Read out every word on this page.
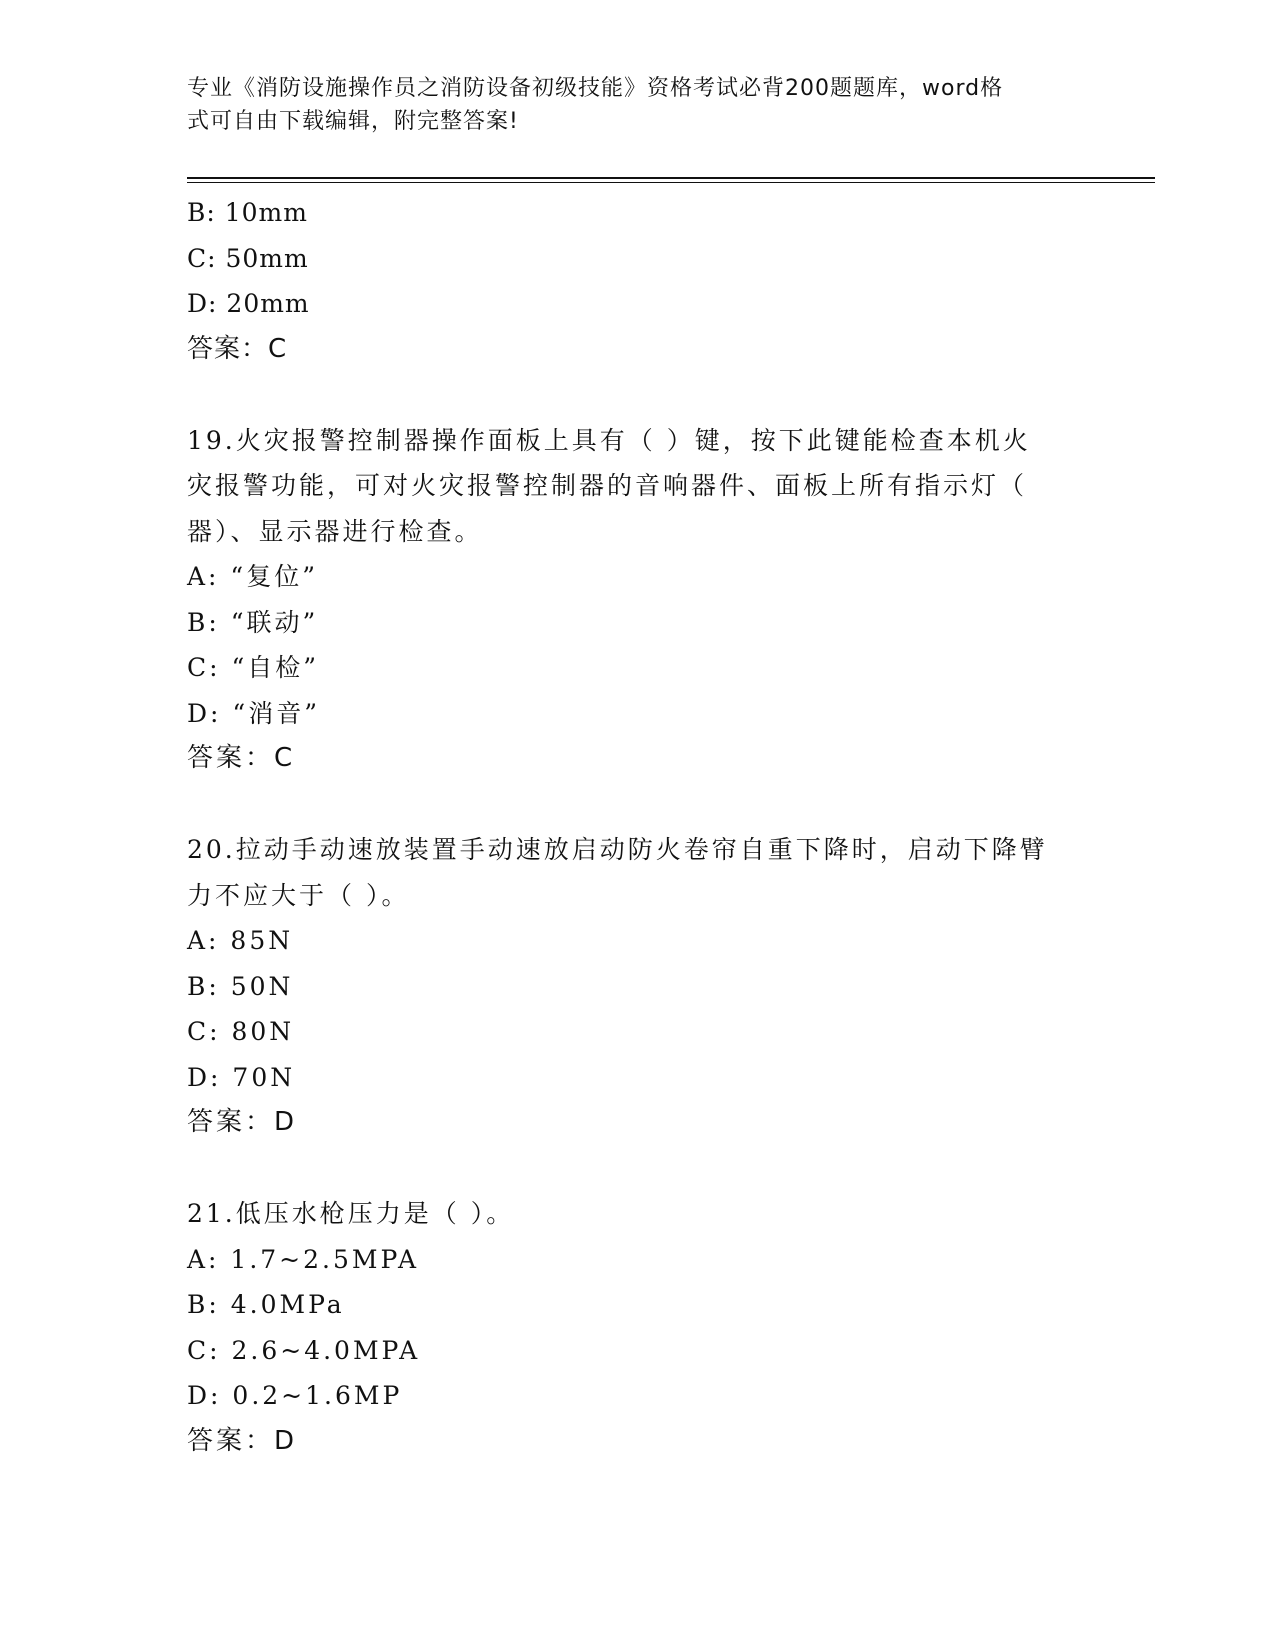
专业《消防设施操作员之消防设备初级技能》资格考试必背200题题库，word格
式可自由下载编辑，附完整答案!
B: 10mm
C: 50mm
D: 20mm
答案：C
19.火灾报警控制器操作面板上具有（ ）键，按下此键能检查本机火
灾报警功能，可对火灾报警控制器的音响器件、面板上所有指示灯（
器）、显示器进行检查。
A: “复位”
B: “联动”
C: “自检”
D: “消音”
答案：C
20.拉动手动速放装置手动速放启动防火卷帘自重下降时，启动下降臂
力不应大于（ ）。
A: 85N
B: 50N
C: 80N
D: 70N
答案：D
21.低压水枪压力是（ ）。
A: 1.7~2.5MPA
B: 4.0MPa
C: 2.6~4.0MPA
D: 0.2~1.6MP
答案：D
